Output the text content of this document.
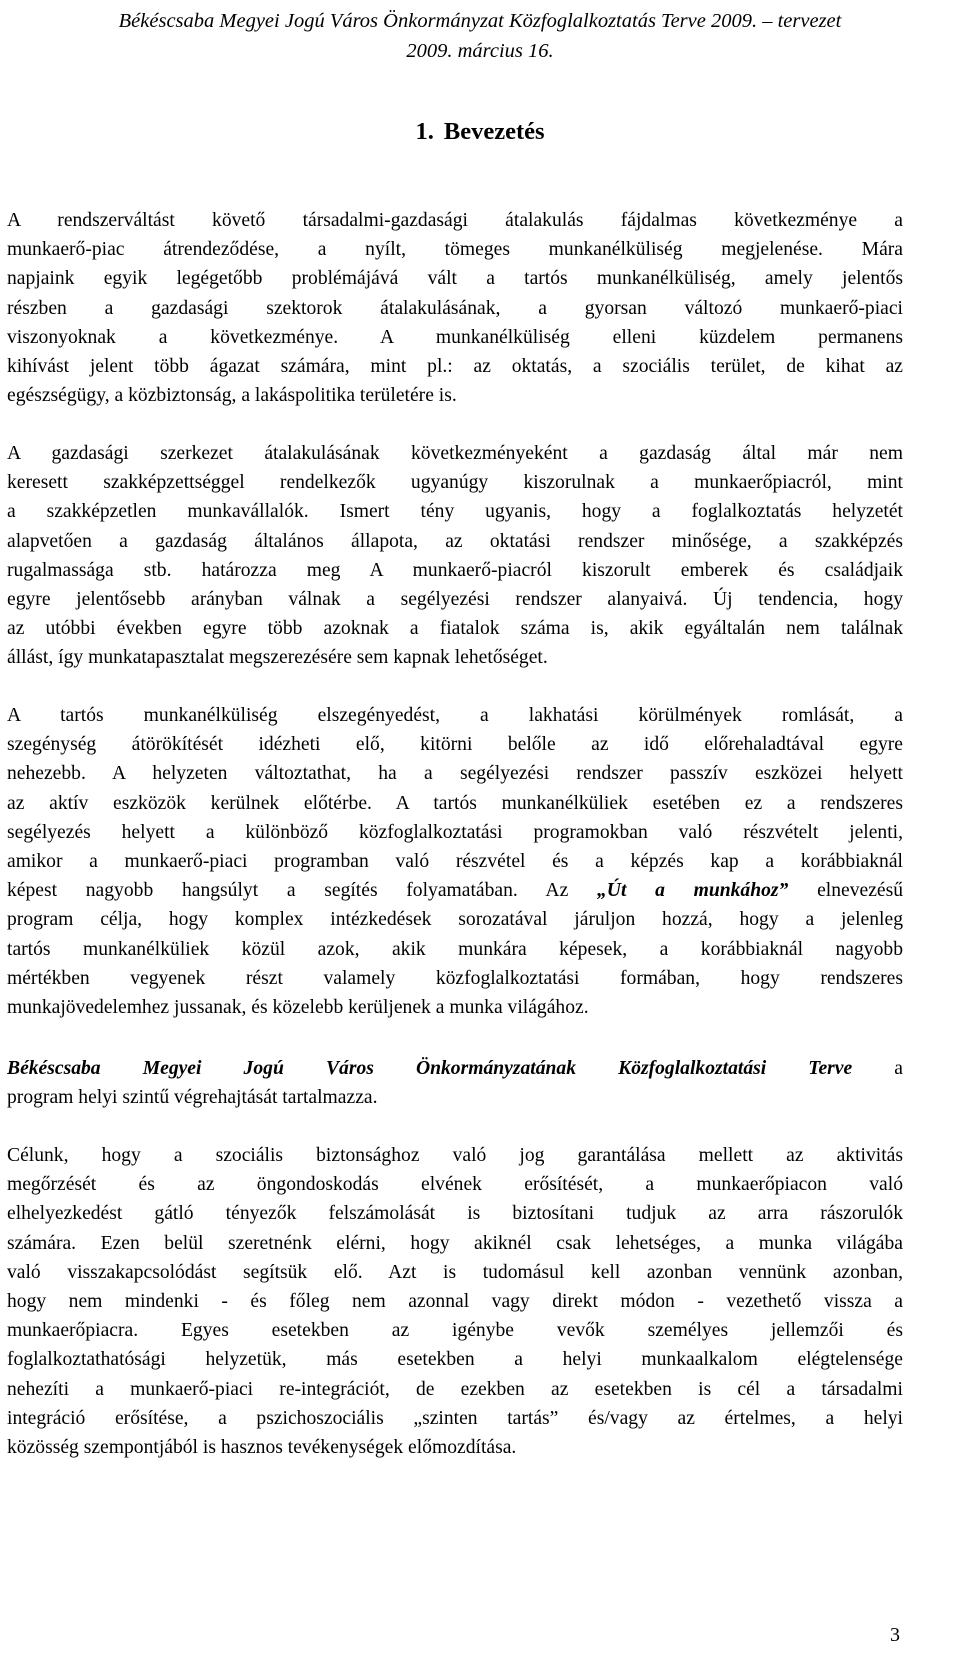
Békéscsaba Megyei Jogú Város Önkormányzat Közfoglalkoztatás Terve 2009. – tervezet
2009. március 16.
1. Bevezetés
A rendszerváltást követő társadalmi-gazdasági átalakulás fájdalmas következménye a
munkaerő-piac átrendeződése, a nyílt, tömeges munkanélküliség megjelenése. Mára
napjaink egyik legégetőbb problémájává vált a tartós munkanélküliség, amely jelentős
részben a gazdasági szektorok átalakulásának, a gyorsan változó munkaerő-piaci
viszonyoknak a következménye. A munkanélküliség elleni küzdelem permanens
kihívást jelent több ágazat számára, mint pl.: az oktatás, a szociális terület, de kihat az
egészségügy, a közbiztonság, a lakáspolitika területére is.
A gazdasági szerkezet átalakulásának következményeként a gazdaság által már nem
keresett szakképzettséggel rendelkezők ugyanúgy kiszorulnak a munkaerőpiacról, mint
a szakképzetlen munkavállalók. Ismert tény ugyanis, hogy a foglalkoztatás helyzetét
alapvetően a gazdaság általános állapota, az oktatási rendszer minősége, a szakképzés
rugalmassága stb. határozza meg A munkaerő-piacról kiszorult emberek és családjaik
egyre jelentősebb arányban válnak a segélyezési rendszer alanyaivá. Új tendencia, hogy
az utóbbi években egyre több azoknak a fiatalok száma is, akik egyáltalán nem találnak
állást, így munkatapasztalat megszerezésére sem kapnak lehetőséget.
A tartós munkanélküliség elszegényedést, a lakhatási körülmények romlását, a
szegénység átörökítését idézheti elő, kitörni belőle az idő előrehaladtával egyre
nehezebb. A helyzeten változtathat, ha a segélyezési rendszer passzív eszközei helyett
az aktív eszközök kerülnek előtérbe. A tartós munkanélküliek esetében ez a rendszeres
segélyezés helyett a különböző közfoglalkoztatási programokban való részvételt jelenti,
amikor a munkaerő-piaci programban való részvétel és a képzés kap a korábbiaknál
képest nagyobb hangsúlyt a segítés folyamatában. Az „Út a munkához” elnevezésű
program célja, hogy komplex intézkedések sorozatával járuljon hozzá, hogy a jelenleg
tartós munkanélküliek közül azok, akik munkára képesek, a korábbiaknál nagyobb
mértékben vegyenek részt valamely közfoglalkoztatási formában, hogy rendszeres
munkajövedelemhez jussanak, és közelebb kerüljenek a munka világához.
Békéscsaba Megyei Jogú Város Önkormányzatának Közfoglalkoztatási Terve a
program helyi szintű végrehajtását tartalmazza.
Célunk, hogy a szociális biztonsághoz való jog garantálása mellett az aktivitás
megőrzését és az öngondoskodás elvének erősítését, a munkaerőpiacon való
elhelyezkedést gátló tényezők felszámolását is biztosítani tudjuk az arra rászorulók
számára. Ezen belül szeretnénk elérni, hogy akiknél csak lehetséges, a munka világába
való visszakapcsolódást segítsük elő. Azt is tudomásul kell azonban vennünk azonban,
hogy nem mindenki - és főleg nem azonnal vagy direkt módon - vezethető vissza a
munkaerőpiacra. Egyes esetekben az igénybe vevők személyes jellemzői és
foglalkoztathatósági helyzetük, más esetekben a helyi munkaalkalom elégtelensége
nehezíti a munkaerő-piaci re-integrációt, de ezekben az esetekben is cél a társadalmi
integráció erősítése, a pszichoszociális „szinten tartás” és/vagy az értelmes, a helyi
közösség szempontjából is hasznos tevékenységek előmozdítása.
3
